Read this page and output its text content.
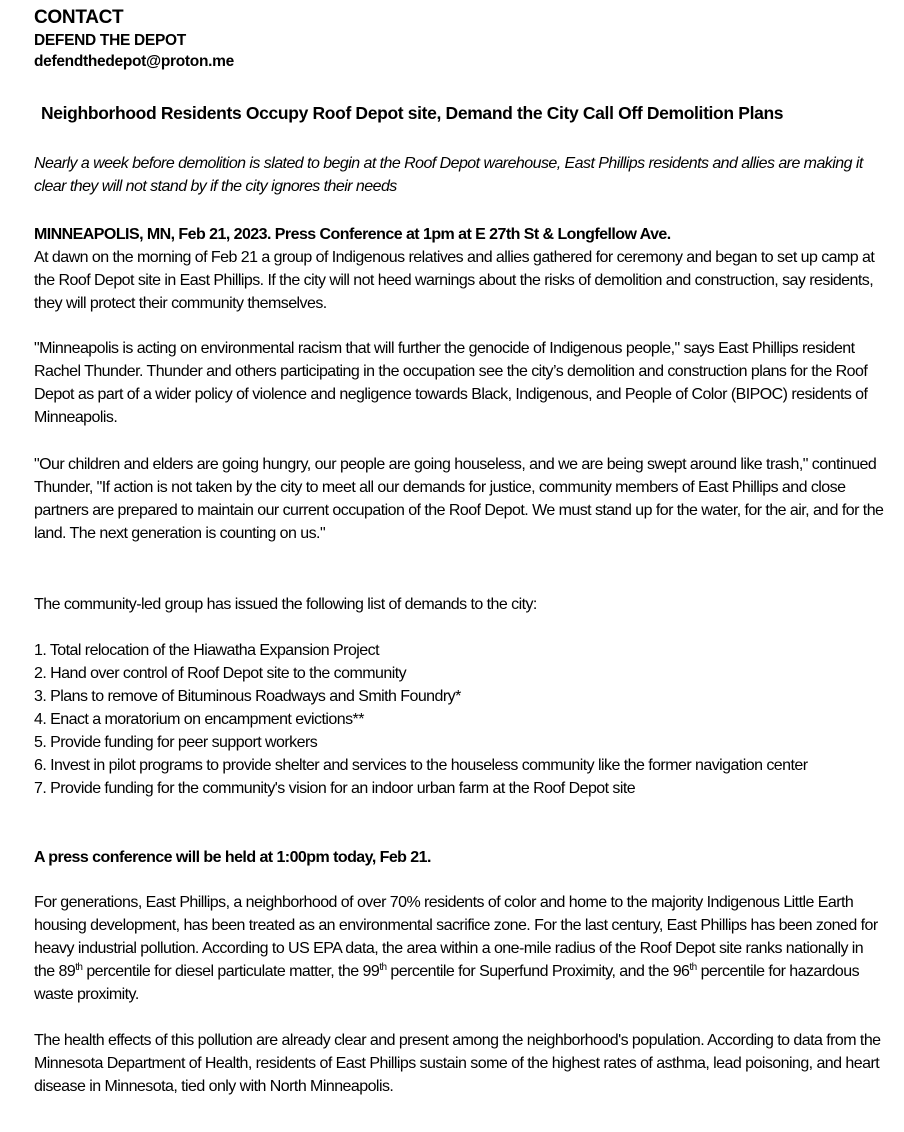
CONTACT
DEFEND THE DEPOT
defendthedepot@proton.me
Neighborhood Residents Occupy Roof Depot site, Demand the City Call Off Demolition Plans
Nearly a week before demolition is slated to begin at the Roof Depot warehouse, East Phillips residents and allies are making it clear they will not stand by if the city ignores their needs
MINNEAPOLIS, MN, Feb 21, 2023. Press Conference at 1pm at E 27th St & Longfellow Ave.
At dawn on the morning of Feb 21 a group of Indigenous relatives and allies gathered for ceremony and began to set up camp at the Roof Depot site in East Phillips. If the city will not heed warnings about the risks of demolition and construction, say residents, they will protect their community themselves.
"Minneapolis is acting on environmental racism that will further the genocide of Indigenous people," says East Phillips resident Rachel Thunder. Thunder and others participating in the occupation see the city’s demolition and construction plans for the Roof Depot as part of a wider policy of violence and negligence towards Black, Indigenous, and People of Color (BIPOC) residents of Minneapolis.
"Our children and elders are going hungry, our people are going houseless, and we are being swept around like trash," continued Thunder, "If action is not taken by the city to meet all our demands for justice, community members of East Phillips and close partners are prepared to maintain our current occupation of the Roof Depot. We must stand up for the water, for the air, and for the land. The next generation is counting on us."
The community-led group has issued the following list of demands to the city:
1. Total relocation of the Hiawatha Expansion Project
2. Hand over control of Roof Depot site to the community
3. Plans to remove of Bituminous Roadways and Smith Foundry*
4. Enact a moratorium on encampment evictions**
5. Provide funding for peer support workers
6. Invest in pilot programs to provide shelter and services to the houseless community like the former navigation center
7. Provide funding for the community's vision for an indoor urban farm at the Roof Depot site
A press conference will be held at 1:00pm today, Feb 21.
For generations, East Phillips, a neighborhood of over 70% residents of color and home to the majority Indigenous Little Earth housing development, has been treated as an environmental sacrifice zone. For the last century, East Phillips has been zoned for heavy industrial pollution. According to US EPA data, the area within a one-mile radius of the Roof Depot site ranks nationally in the 89th percentile for diesel particulate matter, the 99th percentile for Superfund Proximity, and the 96th percentile for hazardous waste proximity.
The health effects of this pollution are already clear and present among the neighborhood's population. According to data from the Minnesota Department of Health, residents of East Phillips sustain some of the highest rates of asthma, lead poisoning, and heart disease in Minnesota, tied only with North Minneapolis.
